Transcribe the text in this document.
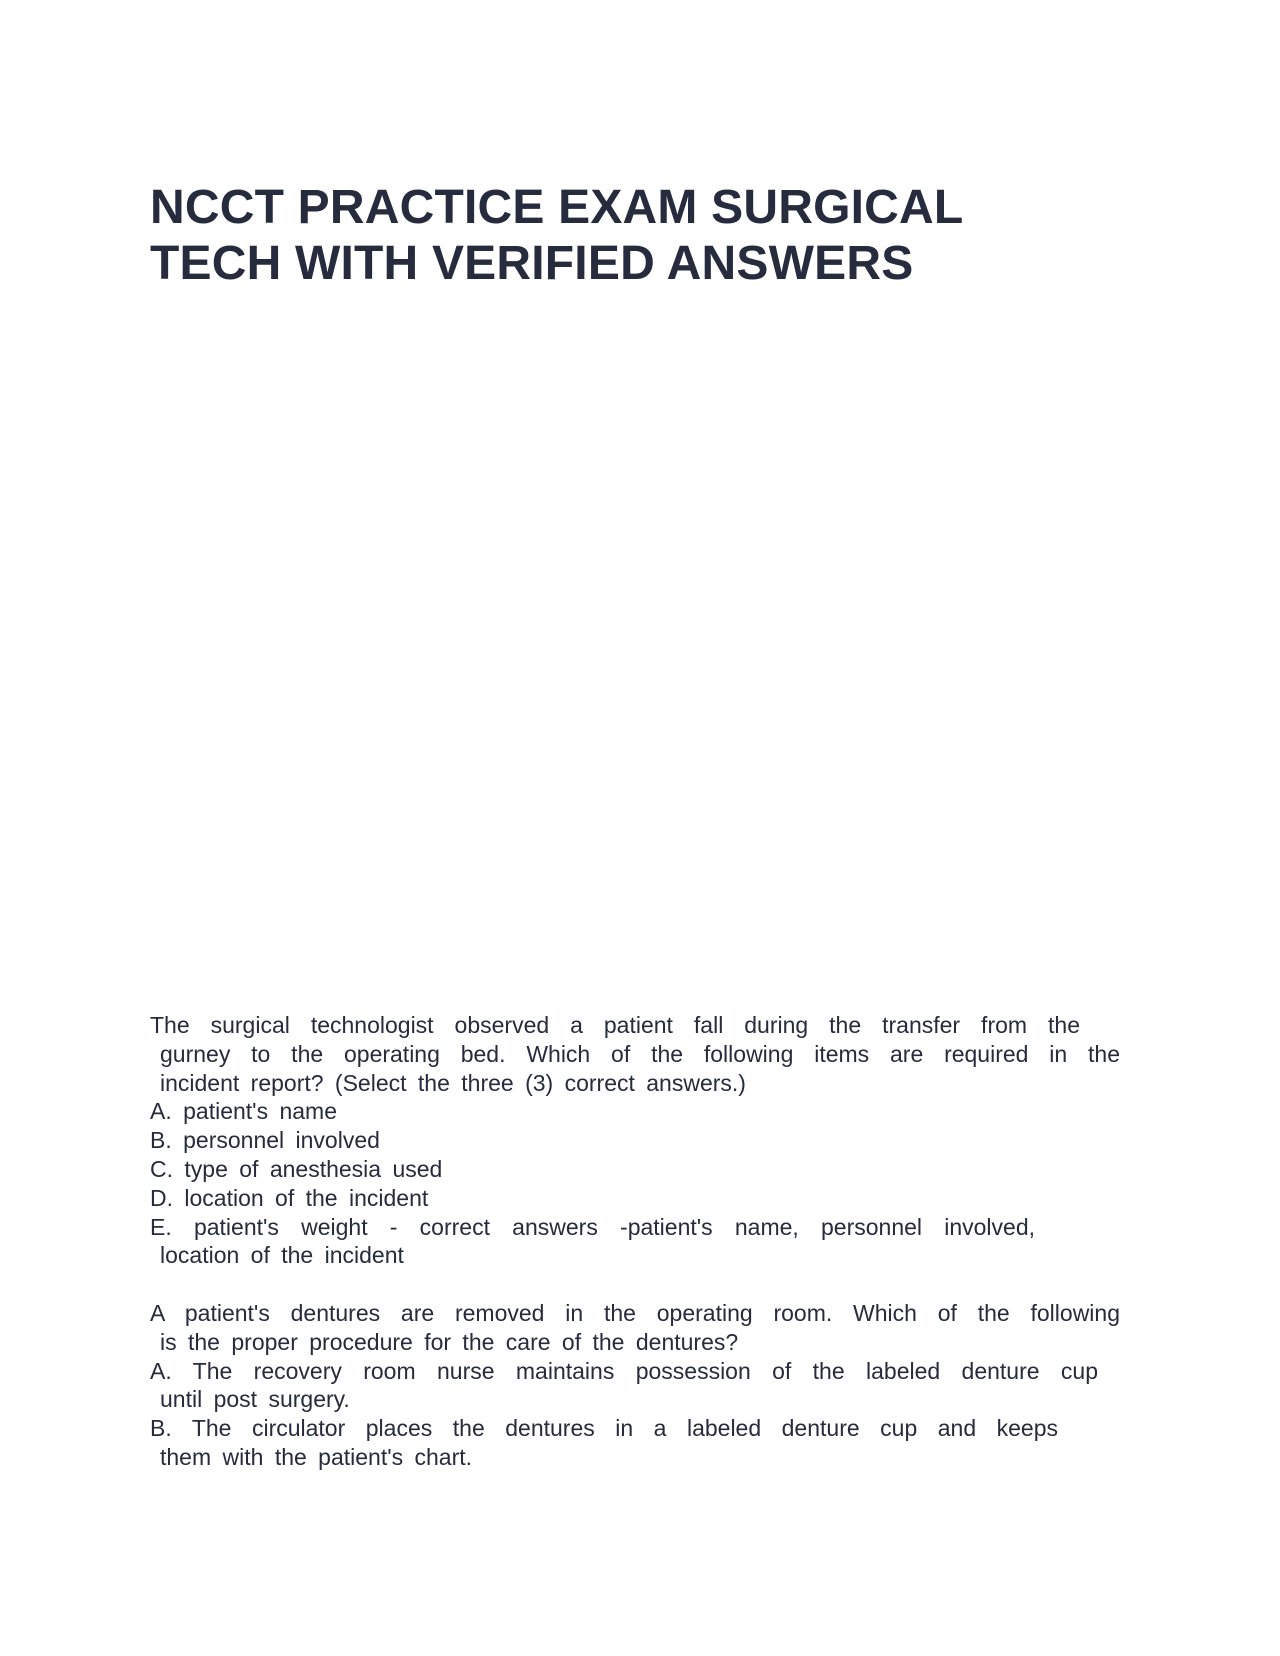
NCCT PRACTICE EXAM SURGICAL
TECH WITH VERIFIED ANSWERS
The surgical technologist observed a patient fall during the transfer from the
gurney to the operating bed. Which of the following items are required in the
incident report? (Select the three (3) correct answers.)
A. patient's name
B. personnel involved
C. type of anesthesia used
D. location of the incident
E. patient's weight - correct answers -patient's name, personnel involved,
location of the incident
A patient's dentures are removed in the operating room. Which of the following
is the proper procedure for the care of the dentures?
A. The recovery room nurse maintains possession of the labeled denture cup
until post surgery.
B. The circulator places the dentures in a labeled denture cup and keeps
them with the patient's chart.
